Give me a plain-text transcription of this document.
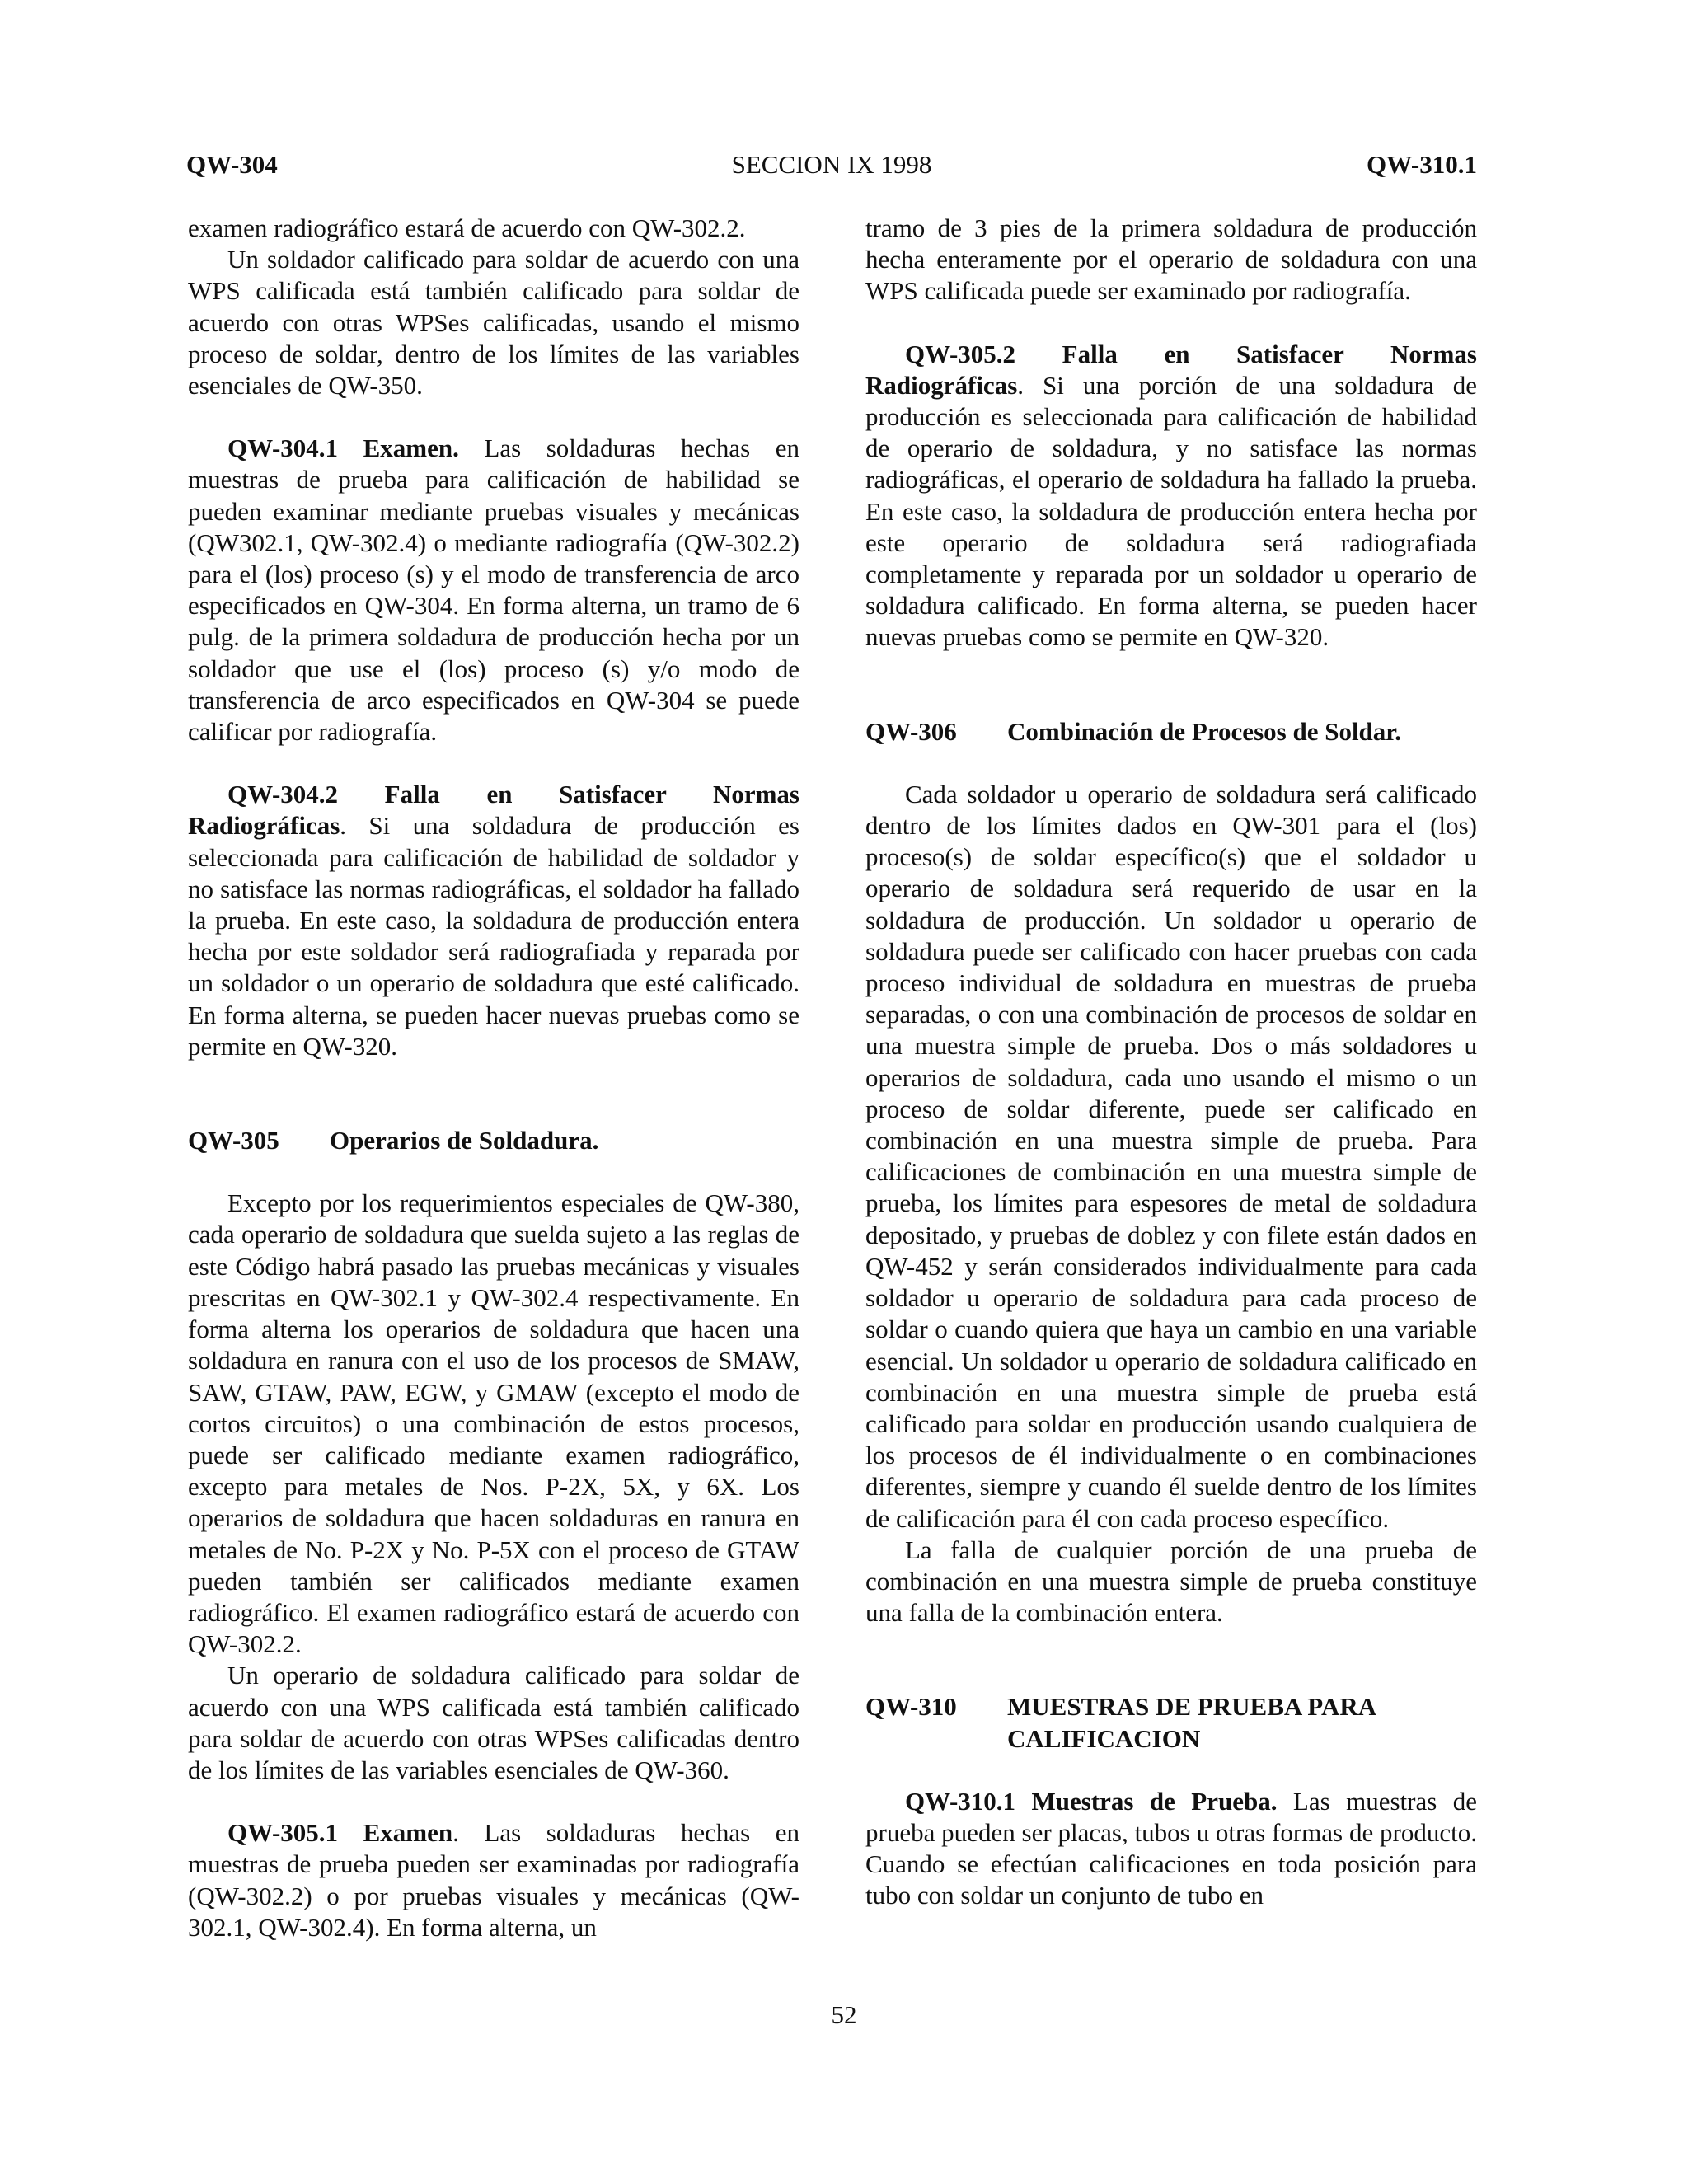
QW-304	SECCION IX 1998	QW-310.1

examen radiográfico estará de acuerdo con QW-302.2.

Un soldador calificado para soldar de acuerdo con una WPS calificada está también calificado para soldar de acuerdo con otras WPSes calificadas, usando el mismo proceso de soldar, dentro de los límites de las variables esenciales de QW-350.

QW-304.1 Examen. Las soldaduras hechas en muestras de prueba para calificación de habilidad se pueden examinar mediante pruebas visuales y mecánicas (QW302.1, QW-302.4) o mediante radiografía (QW-302.2) para el (los) proceso (s) y el modo de transferencia de arco especificados en QW-304. En forma alterna, un tramo de 6 pulg. de la primera soldadura de producción hecha por un soldador que use el (los) proceso (s) y/o modo de transferencia de arco especificados en QW-304 se puede calificar por radiografía.

QW-304.2 Falla en Satisfacer Normas Radiográficas. Si una soldadura de producción es seleccionada para calificación de habilidad de soldador y no satisface las normas radiográficas, el soldador ha fallado la prueba. En este caso, la soldadura de producción entera hecha por este soldador será radiografiada y reparada por un soldador o un operario de soldadura que esté calificado. En forma alterna, se pueden hacer nuevas pruebas como se permite en QW-320.

QW-305	Operarios de Soldadura.

Excepto por los requerimientos especiales de QW-380, cada operario de soldadura que suelda sujeto a las reglas de este Código habrá pasado las pruebas mecánicas y visuales prescritas en QW-302.1 y QW-302.4 respectivamente. En forma alterna los operarios de soldadura que hacen una soldadura en ranura con el uso de los procesos de SMAW, SAW, GTAW, PAW, EGW, y GMAW (excepto el modo de cortos circuitos) o una combinación de estos procesos, puede ser calificado mediante examen radiográfico, excepto para metales de Nos. P-2X, 5X, y 6X. Los operarios de soldadura que hacen soldaduras en ranura en metales de No. P-2X y No. P-5X con el proceso de GTAW pueden también ser calificados mediante examen radiográfico. El examen radiográfico estará de acuerdo con QW-302.2.

Un operario de soldadura calificado para soldar de acuerdo con una WPS calificada está también calificado para soldar de acuerdo con otras WPSes calificadas dentro de los límites de las variables esenciales de QW-360.

QW-305.1 Examen. Las soldaduras hechas en muestras de prueba pueden ser examinadas por radiografía (QW-302.2) o por pruebas visuales y mecánicas (QW-302.1, QW-302.4). En forma alterna, un

tramo de 3 pies de la primera soldadura de producción hecha enteramente por el operario de soldadura con una WPS calificada puede ser examinado por radiografía.

QW-305.2 Falla en Satisfacer Normas Radiográficas. Si una porción de una soldadura de producción es seleccionada para calificación de habilidad de operario de soldadura, y no satisface las normas radiográficas, el operario de soldadura ha fallado la prueba. En este caso, la soldadura de producción entera hecha por este operario de soldadura será radiografiada completamente y reparada por un soldador u operario de soldadura calificado. En forma alterna, se pueden hacer nuevas pruebas como se permite en QW-320.

QW-306	Combinación de Procesos de Soldar.

Cada soldador u operario de soldadura será calificado dentro de los límites dados en QW-301 para el (los) proceso(s) de soldar específico(s) que el soldador u operario de soldadura será requerido de usar en la soldadura de producción. Un soldador u operario de soldadura puede ser calificado con hacer pruebas con cada proceso individual de soldadura en muestras de prueba separadas, o con una combinación de procesos de soldar en una muestra simple de prueba. Dos o más soldadores u operarios de soldadura, cada uno usando el mismo o un proceso de soldar diferente, puede ser calificado en combinación en una muestra simple de prueba. Para calificaciones de combinación en una muestra simple de prueba, los límites para espesores de metal de soldadura depositado, y pruebas de doblez y con filete están dados en QW-452 y serán considerados individualmente para cada soldador u operario de soldadura para cada proceso de soldar o cuando quiera que haya un cambio en una variable esencial. Un soldador u operario de soldadura calificado en combinación en una muestra simple de prueba está calificado para soldar en producción usando cualquiera de los procesos de él individualmente o en combinaciones diferentes, siempre y cuando él suelde dentro de los límites de calificación para él con cada proceso específico.

La falla de cualquier porción de una prueba de combinación en una muestra simple de prueba constituye una falla de la combinación entera.

QW-310	MUESTRAS DE PRUEBA PARA CALIFICACION

QW-310.1 Muestras de Prueba. Las muestras de prueba pueden ser placas, tubos u otras formas de producto. Cuando se efectúan calificaciones en toda posición para tubo con soldar un conjunto de tubo en

52
